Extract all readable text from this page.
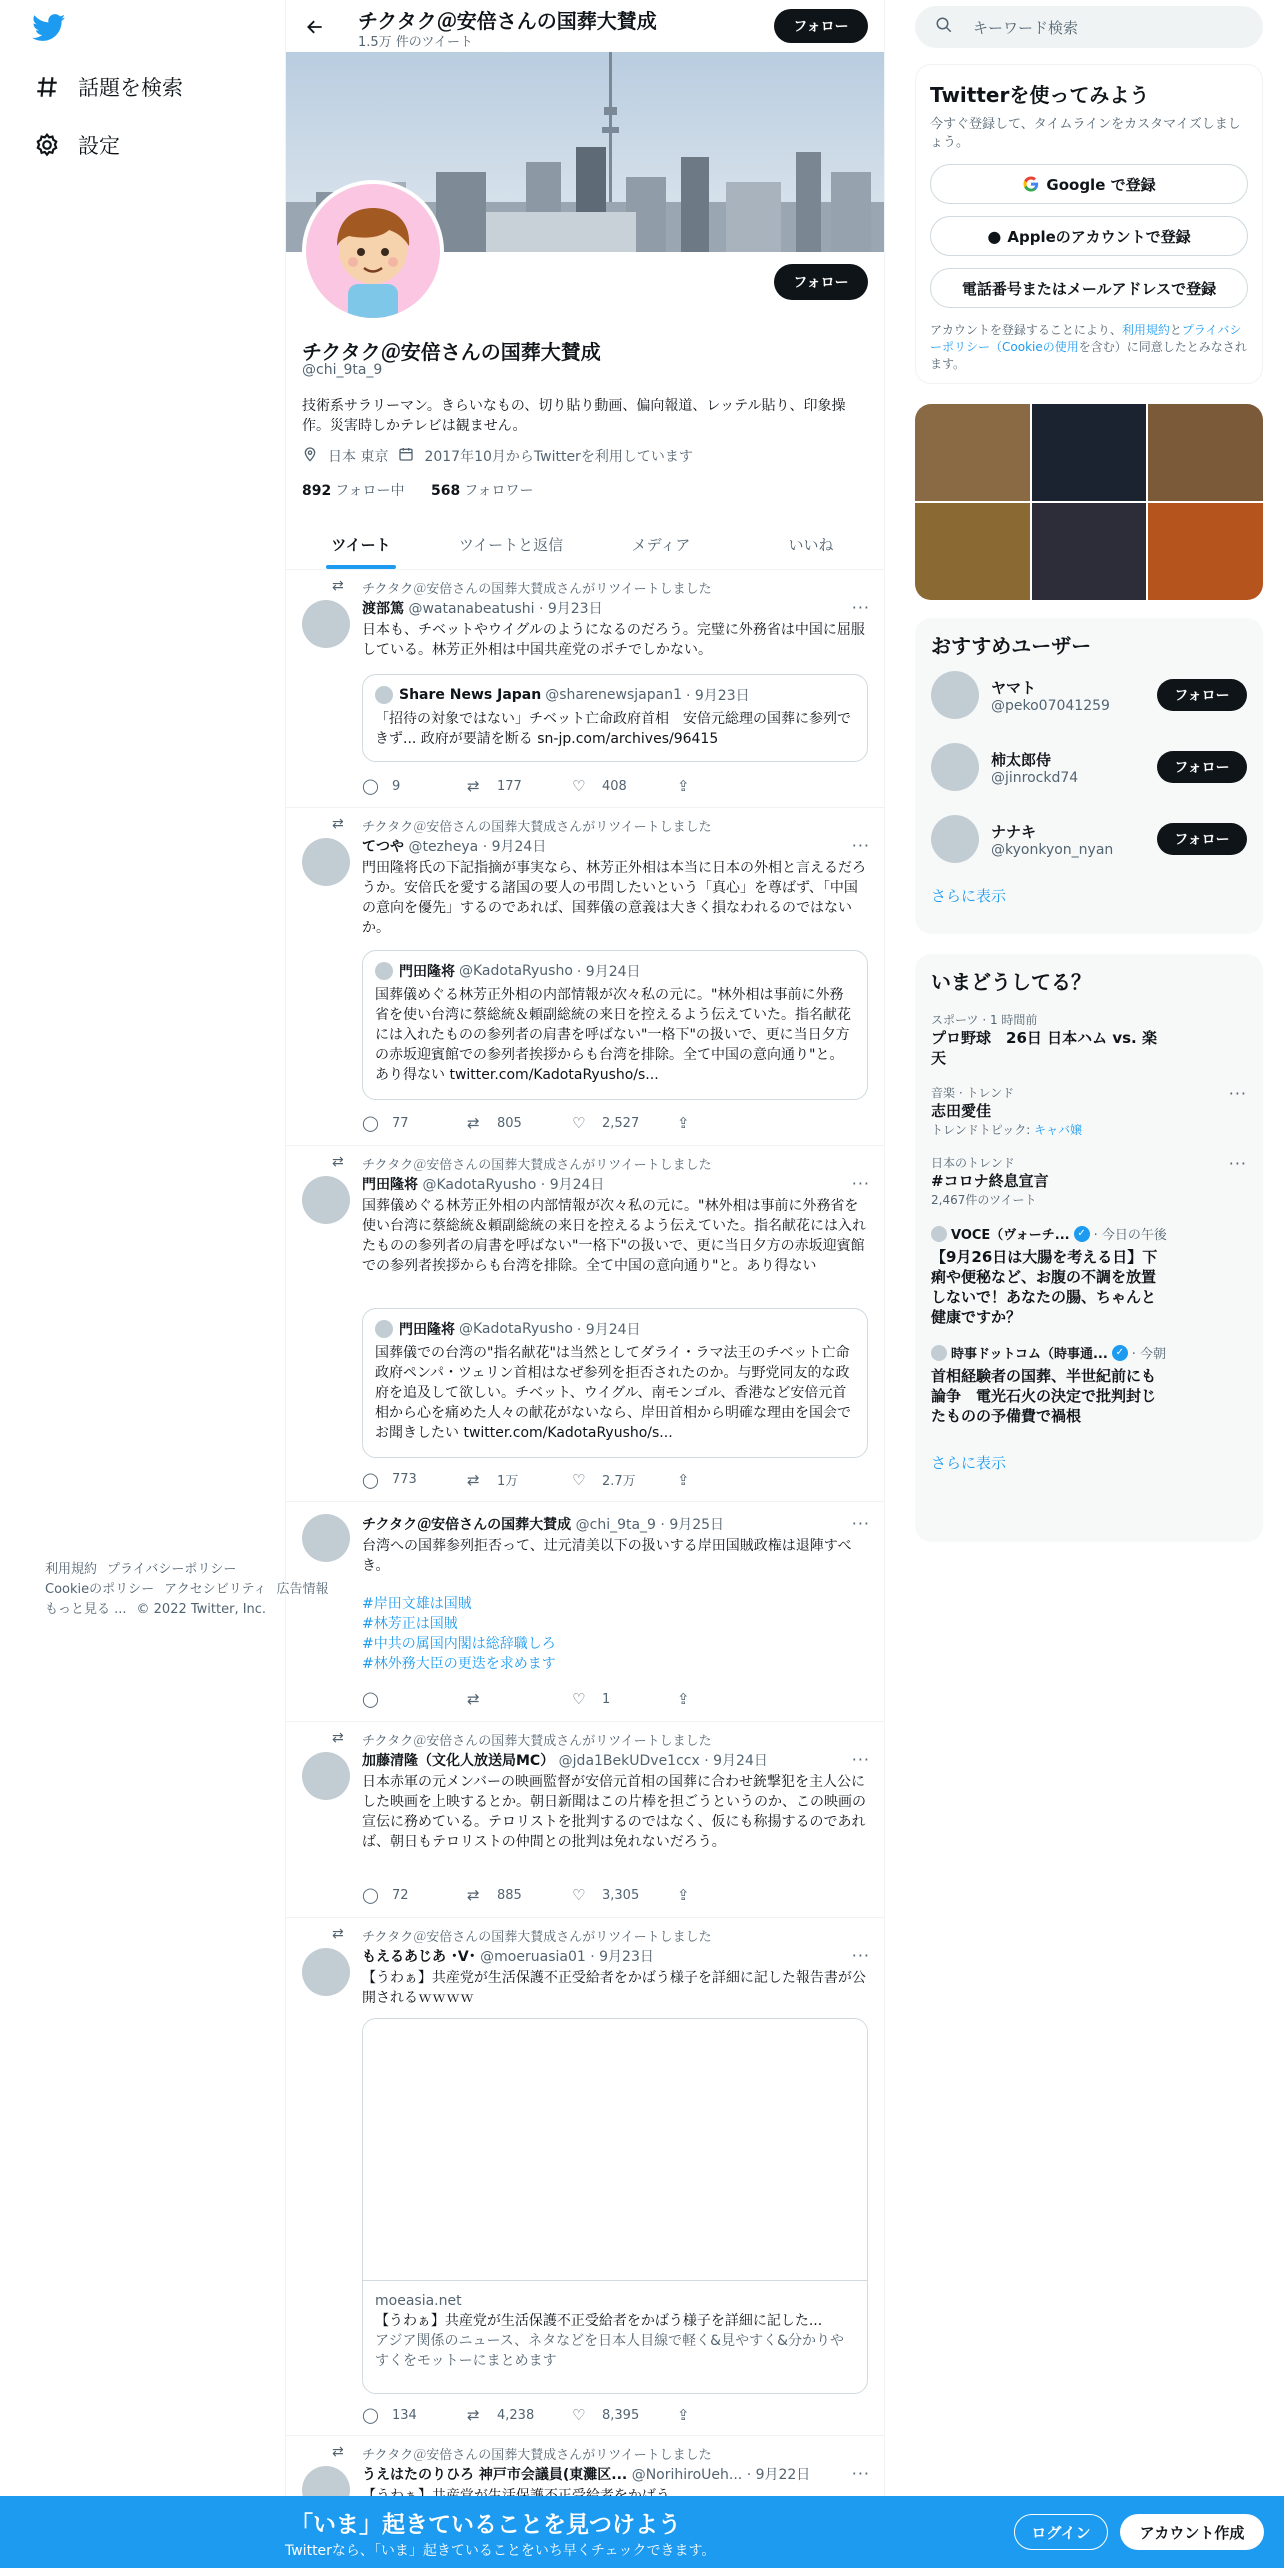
話題を検索
設定
チクタク＠安倍さんの国葬大賛成
1.5万 件のツイート
フォロー
フォロー
チクタク＠安倍さんの国葬大賛成
@chi_9ta_9
技術系サラリーマン。きらいなもの、切り貼り動画、偏向報道、レッテル貼り、印象操作。災害時しかテレビは観ません。
日本 東京	2017年10月からTwitterを利用しています
892 フォロー中 568 フォロワー
ツイート	ツイートと返信	メディア	いいね
⇄ チクタク＠安倍さんの国葬大賛成さんがリツイートしました
渡部篤 @watanabeatushi · 9月23日	···
日本も、チベットやウイグルのようになるのだろう。完璧に外務省は中国に屈服している。林芳正外相は中国共産党のポチでしかない。
Share News Japan @sharenewsjapan1 · 9月23日
「招待の対象ではない」チベット亡命政府首相　安倍元総理の国葬に参列できず... 政府が要請を断る sn-jp.com/archives/96415
◯ 9	⇄	177	♡	408	⇪
⇄ チクタク＠安倍さんの国葬大賛成さんがリツイートしました
てつや @tezheya · 9月24日	···
門田隆将氏の下記指摘が事実なら、林芳正外相は本当に日本の外相と言えるだろうか。安倍氏を愛する諸国の要人の弔問したいという「真心」を尊ばず、「中国の意向を優先」するのであれば、国葬儀の意義は大きく損なわれるのではないか。
門田隆将 @KadotaRyusho · 9月24日
国葬儀めぐる林芳正外相の内部情報が次々私の元に。"林外相は事前に外務省を使い台湾に蔡総統＆頼副総統の来日を控えるよう伝えていた。指名献花には入れたものの参列者の肩書を呼ばない"一格下"の扱いで、更に当日夕方の赤坂迎賓館での参列者挨拶からも台湾を排除。全て中国の意向通り"と。あり得ない twitter.com/KadotaRyusho/s...
◯ 77	⇄	805	♡	2,527	⇪
⇄ チクタク＠安倍さんの国葬大賛成さんがリツイートしました
門田隆将 @KadotaRyusho · 9月24日	···
国葬儀めぐる林芳正外相の内部情報が次々私の元に。"林外相は事前に外務省を使い台湾に蔡総統＆頼副総統の来日を控えるよう伝えていた。指名献花には入れたものの参列者の肩書を呼ばない"一格下"の扱いで、更に当日夕方の赤坂迎賓館での参列者挨拶からも台湾を排除。全て中国の意向通り"と。あり得ない
門田隆将 @KadotaRyusho · 9月24日
国葬儀での台湾の"指名献花"は当然としてダライ・ラマ法王のチベット亡命政府ペンパ・ツェリン首相はなぜ参列を拒否されたのか。与野党同友的な政府を追及して欲しい。チベット、ウイグル、南モンゴル、香港など安倍元首相から心を痛めた人々の献花がないなら、岸田首相から明確な理由を国会でお聞きしたい twitter.com/KadotaRyusho/s...
◯ 773	⇄	1万	♡	2.7万	⇪
チクタク＠安倍さんの国葬大賛成 @chi_9ta_9 · 9月25日	···
台湾への国葬参列拒否って、辻元清美以下の扱いする岸田国賊政権は退陣すべき。
#岸田文雄は国賊
#林芳正は国賊
#中共の属国内閣は総辞職しろ
#林外務大臣の更迭を求めます
◯	⇄	♡	1	⇪
⇄ チクタク＠安倍さんの国葬大賛成さんがリツイートしました
加藤清隆（文化人放送局MC） @jda1BekUDve1ccx · 9月24日	···
日本赤軍の元メンバーの映画監督が安倍元首相の国葬に合わせ銃撃犯を主人公にした映画を上映するとか。朝日新聞はこの片棒を担ごうというのか、この映画の宣伝に務めている。テロリストを批判するのではなく、仮にも称揚するのであれば、朝日もテロリストの仲間との批判は免れないだろう。
◯ 72	⇄	885	♡	3,305	⇪
⇄ チクタク＠安倍さんの国葬大賛成さんがリツイートしました
もえるあじあ ･ᐯ･ @moeruasia01 · 9月23日	···
【うわぁ】共産党が生活保護不正受給者をかばう様子を詳細に記した報告書が公開されるｗｗｗｗ
moeasia.net
【うわぁ】共産党が生活保護不正受給者をかばう様子を詳細に記した...
アジア関係のニュース、ネタなどを日本人目線で軽く&見やすく&分かりやすくをモットーにまとめます
◯ 134	⇄	4,238	♡	8,395	⇪
⇄ チクタク＠安倍さんの国葬大賛成さんがリツイートしました
うえはたのりひろ 神戸市会議員(東灘区... @NorihiroUeh... · 9月22日	···
キーワード検索
Twitterを使ってみよう
今すぐ登録して、タイムラインをカスタマイズしましょう。
Google で登録
● Appleのアカウントで登録
電話番号またはメールアドレスで登録
アカウントを登録することにより、利用規約とプライバシーポリシー（Cookieの使用を含む）に同意したとみなされます。
おすすめユーザー
ヤマト
@peko07041259
フォロー
柿太郎侍
@jinrockd74
フォロー
ナナキ
@kyonkyon_nyan
フォロー
さらに表示
いまどうしてる？
スポーツ · 1 時間前
プロ野球　26日 日本ハム vs. 楽天
音楽 · トレンド
志田愛佳
トレンドトピック: キャバ嬢
···
日本のトレンド
#コロナ終息宣言
2,467件のツイート
···
VOCE（ヴォーチ... ✓ · 今日の午後
【9月26日は大腸を考える日】下痢や便秘など、お腹の不調を放置しないで！あなたの腸、ちゃんと健康ですか？
時事ドットコム（時事通... ✓ · 今朝
首相経験者の国葬、半世紀前にも論争　電光石火の決定で批判封じたものの予備費で禍根
さらに表示
利用規約 プライバシーポリシー
Cookieのポリシー アクセシビリティ 広告情報
もっと見る ... © 2022 Twitter, Inc.
「いま」起きていることを見つけよう
Twitterなら、「いま」起きていることをいち早くチェックできます。
ログイン	アカウント作成
